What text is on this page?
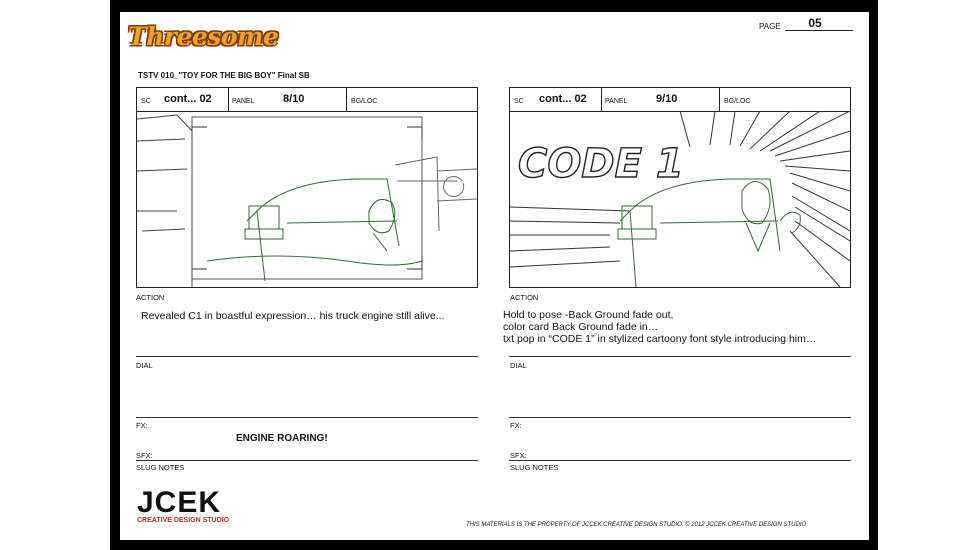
Threesome
TSTV 010_"TOY FOR THE BIG BOY" Final SB
PAGE	05
SC cont... 02	PANEL	8/10	BG/LOC	SC cont... 02	PANEL	9/10	BG/LOC
CODE 1
ACTION
Revealed C1 in boastful expression… his truck engine still alive...
DIAL
FX:
ENGINE ROARING!
SFX:
SLUG NOTES
ACTION
Hold to pose -Back Ground fade out,
color card Back Ground fade in…
txt pop in “CODE 1” in stylized cartoony font style introducing him…
DIAL
FX:
SFX:
SLUG NOTES
JCEK
CREATIVE DESIGN STUDIO
THIS MATERIALS IS THE PROPERTY OF JCCEK CREATIVE DESIGN STUDIO. © 2012 JCCEK CREATIVE DESIGN STUDIO
